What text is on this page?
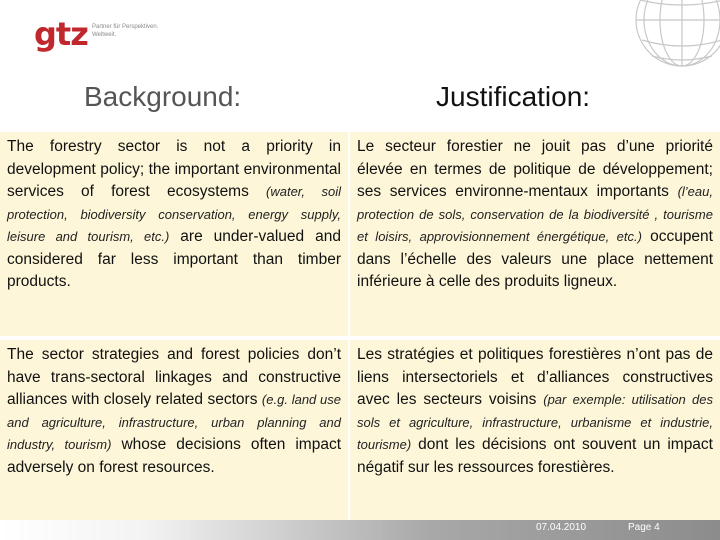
gtz Partner für Perspektiven. Weltweit.
Background:	Justification:
The forestry sector is not a priority in development policy; the important environmental services of forest ecosystems (water, soil protection, biodiversity conservation, energy supply, leisure and tourism, etc.) are under-valued and considered far less important than timber products.
Le secteur forestier ne jouit pas d’une priorité élevée en termes de politique de développement; ses services environne-mentaux importants (l’eau, protection de sols, conservation de la biodiversité , tourisme et loisirs, approvisionnement énergétique, etc.) occupent dans l’échelle des valeurs une place nettement inférieure à celle des produits ligneux.
The sector strategies and forest policies don’t have trans-sectoral linkages and constructive alliances with closely related sectors (e.g. land use and agriculture, infrastructure, urban planning and industry, tourism) whose decisions often impact adversely on forest resources.
Les stratégies et politiques forestières n’ont pas de liens intersectoriels et d’alliances constructives avec les secteurs voisins (par exemple: utilisation des sols et agriculture, infrastructure, urbanisme et industrie, tourisme) dont les décisions ont souvent un impact négatif sur les ressources forestières.
07.04.2010	Page 4
